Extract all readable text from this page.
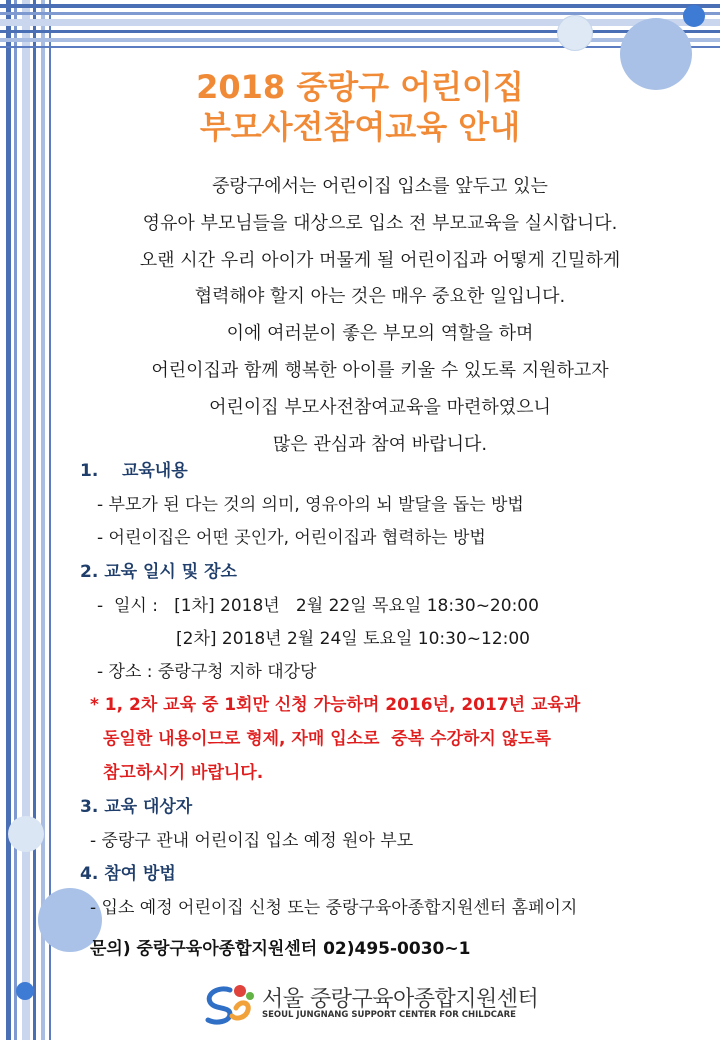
2018 중랑구 어린이집
부모사전참여교육 안내
중랑구에서는 어린이집 입소를 앞두고 있는
영유아 부모님들을 대상으로 입소 전 부모교육을 실시합니다.
오랜 시간 우리 아이가 머물게 될 어린이집과 어떻게 긴밀하게
협력해야 할지 아는 것은 매우 중요한 일입니다.
이에 여러분이 좋은 부모의 역할을 하며
어린이집과 함께 행복한 아이를 키울 수 있도록 지원하고자
어린이집 부모사전참여교육을 마련하였으니
많은 관심과 참여 바랍니다.
1.    교육내용
- 부모가 된 다는 것의 의미, 영유아의 뇌 발달을 돕는 방법
- 어린이집은 어떤 곳인가, 어린이집과 협력하는 방법
2. 교육 일시 및 장소
-  일시 :   [1차] 2018년   2월 22일 목요일 18:30~20:00
[2차] 2018년 2월 24일 토요일 10:30~12:00
- 장소 : 중랑구청 지하 대강당
* 1, 2차 교육 중 1회만 신청 가능하며 2016년, 2017년 교육과
동일한 내용이므로 형제, 자매 입소로  중복 수강하지 않도록
참고하시기 바랍니다.
3. 교육 대상자
- 중랑구 관내 어린이집 입소 예정 원아 부모
4. 참여 방법
- 입소 예정 어린이집 신청 또는 중랑구육아종합지원센터 홈페이지
문의) 중랑구육아종합지원센터 02)495-0030~1
서울 중랑구육아종합지원센터
SEOUL JUNGNANG SUPPORT CENTER FOR CHILDCARE
